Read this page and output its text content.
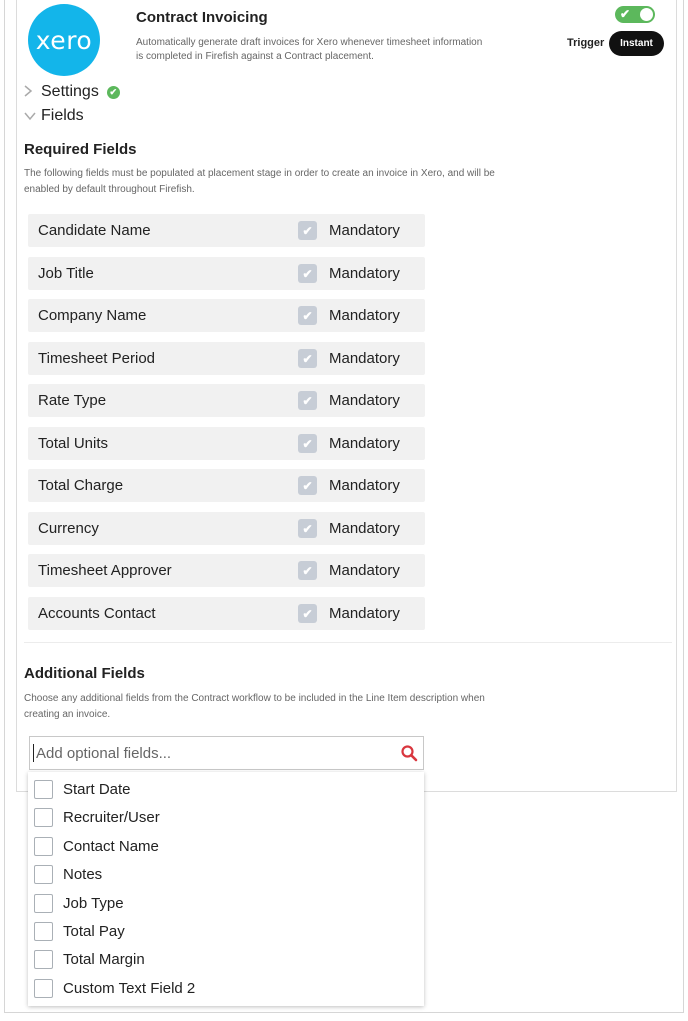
xero
Contract Invoicing
Automatically generate draft invoices for Xero whenever timesheet information is completed in Firefish against a Contract placement.
✔
Trigger	Instant
Settings	✔
Fields
Required Fields
The following fields must be populated at placement stage in order to create an invoice in Xero, and will be enabled by default throughout Firefish.
Candidate Name	✔ Mandatory
Job Title	✔ Mandatory
Company Name	✔ Mandatory
Timesheet Period	✔ Mandatory
Rate Type	✔ Mandatory
Total Units	✔ Mandatory
Total Charge	✔ Mandatory
Currency	✔ Mandatory
Timesheet Approver	✔ Mandatory
Accounts Contact	✔ Mandatory
Additional Fields
Choose any additional fields from the Contract workflow to be included in the Line Item description when creating an invoice.
Add optional fields...
Start Date
Recruiter/User
Contact Name
Notes
Job Type
Total Pay
Total Margin
Custom Text Field 2
